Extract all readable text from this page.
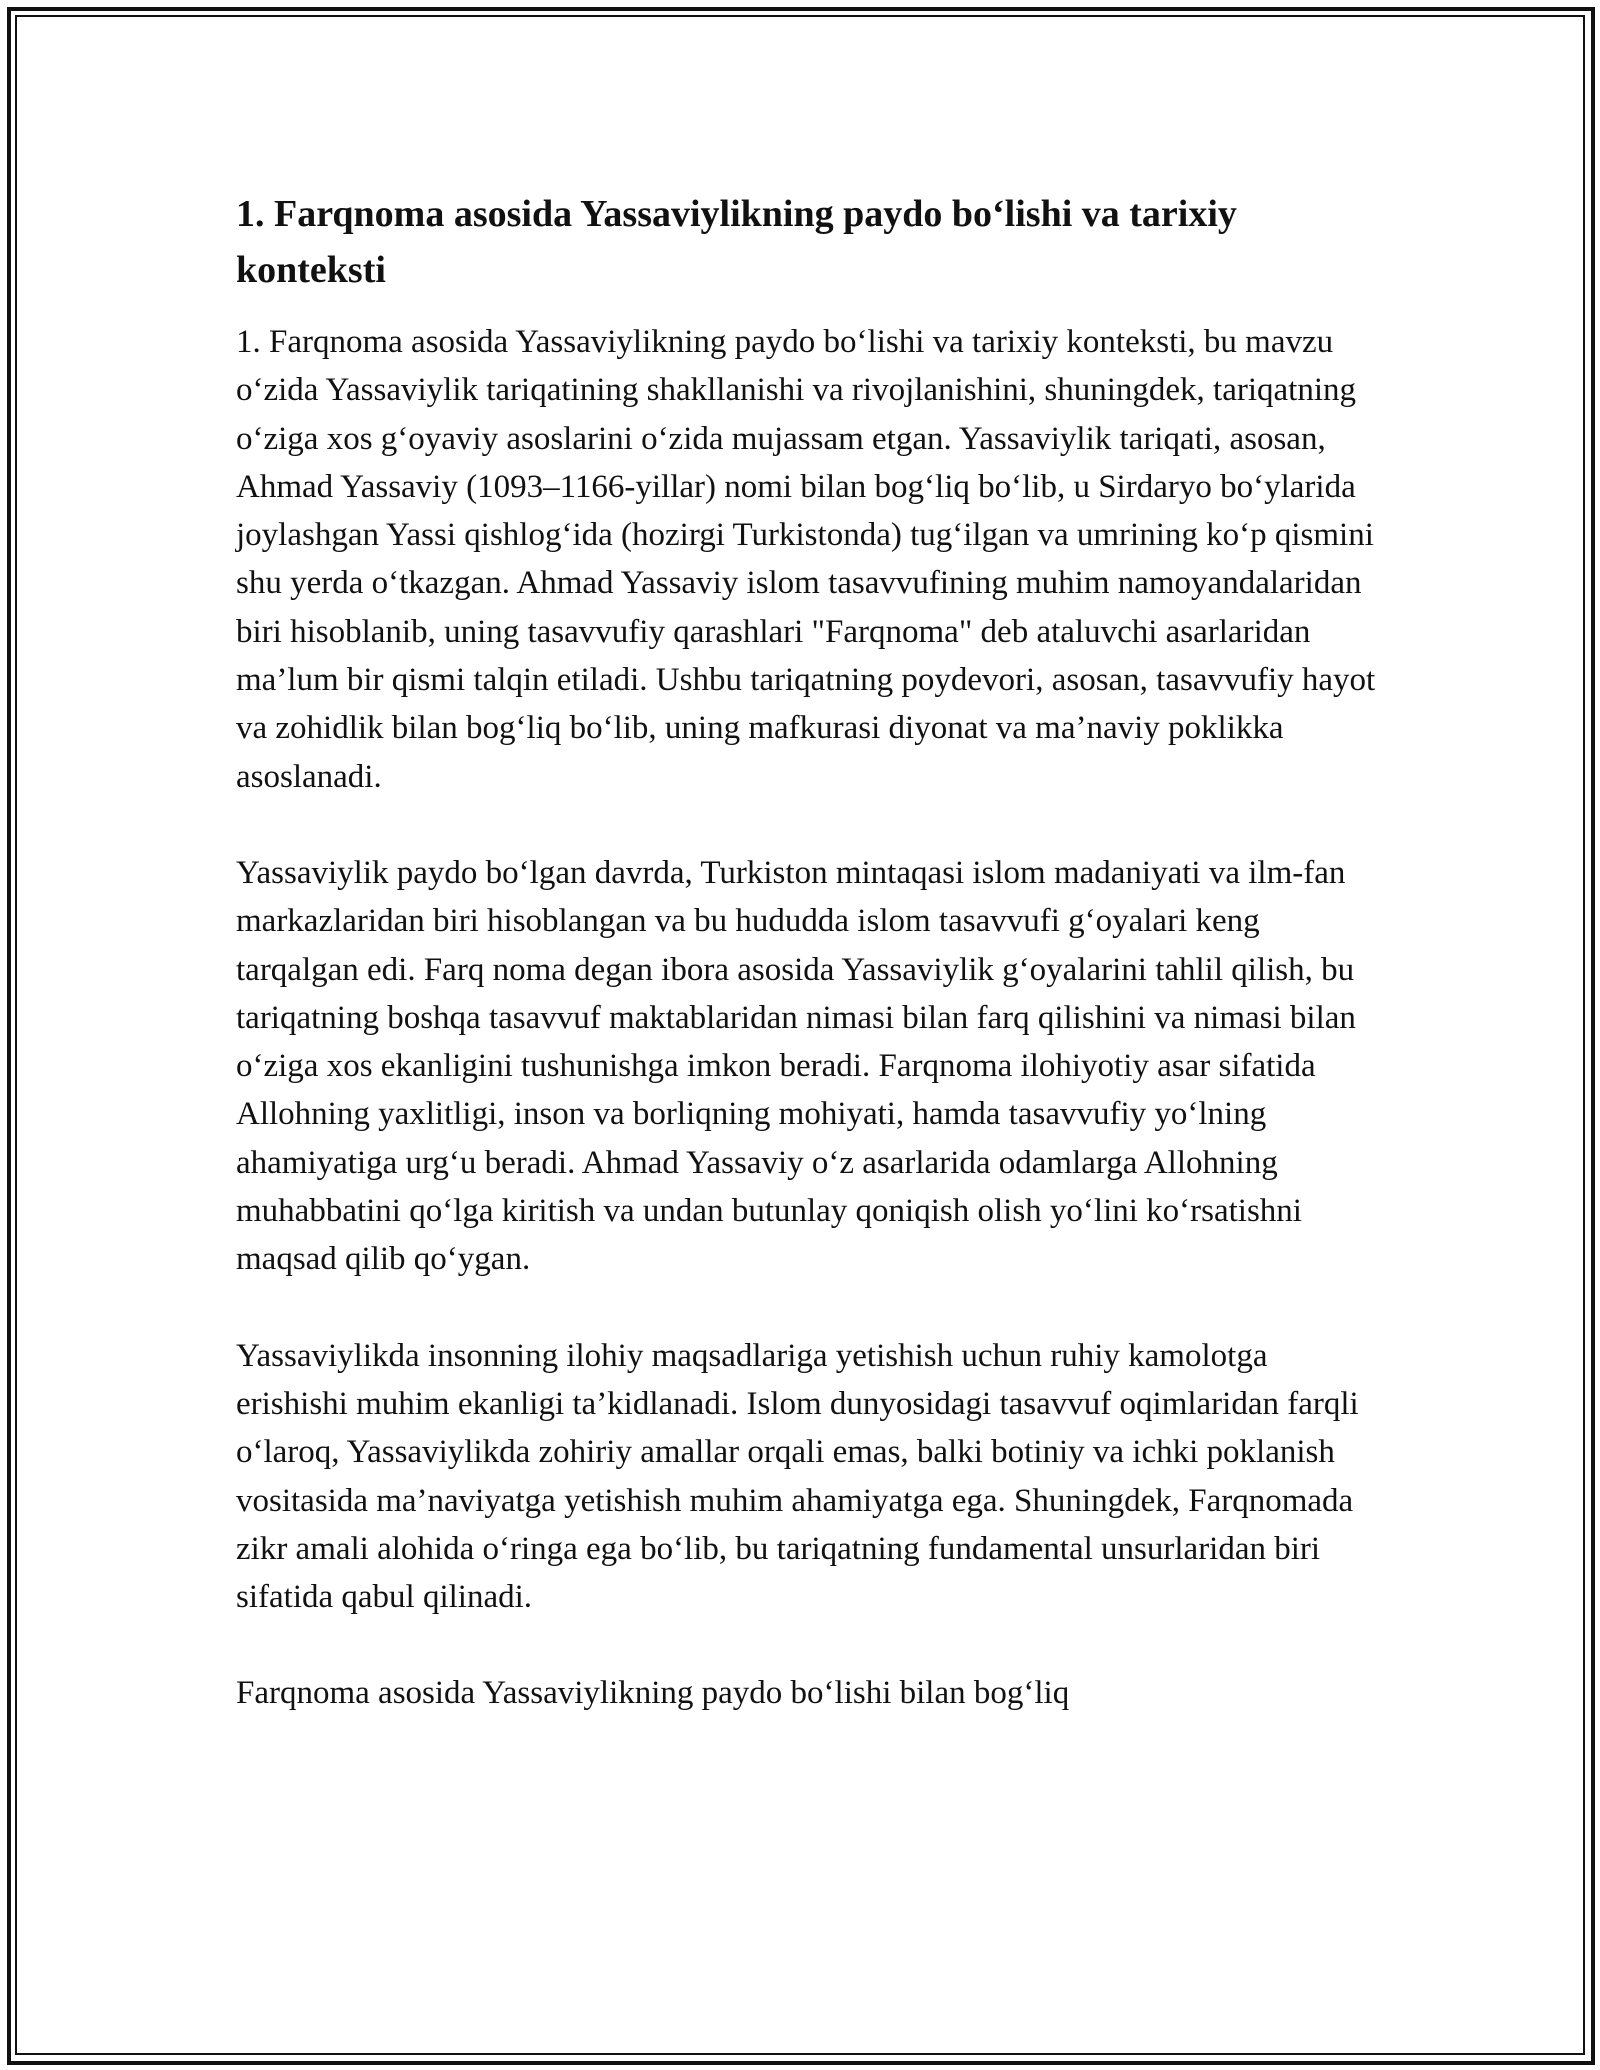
1. Farqnoma asosida Yassaviylikning paydo bo‘lishi va tarixiy konteksti

1. Farqnoma asosida Yassaviylikning paydo bo‘lishi va tarixiy konteksti, bu mavzu o‘zida Yassaviylik tariqatining shakllanishi va rivojlanishini, shuningdek, tariqatning o‘ziga xos g‘oyaviy asoslarini o‘zida mujassam etgan. Yassaviylik tariqati, asosan, Ahmad Yassaviy (1093–1166-yillar) nomi bilan bog‘liq bo‘lib, u Sirdaryo bo‘ylarida joylashgan Yassi qishlog‘ida (hozirgi Turkistonda) tug‘ilgan va umrining ko‘p qismini shu yerda o‘tkazgan. Ahmad Yassaviy islom tasavvufining muhim namoyandalaridan biri hisoblanib, uning tasavvufiy qarashlari "Farqnoma" deb ataluvchi asarlaridan ma’lum bir qismi talqin etiladi. Ushbu tariqatning poydevori, asosan, tasavvufiy hayot va zohidlik bilan bog‘liq bo‘lib, uning mafkurasi diyonat va ma’naviy poklikka asoslanadi.

Yassaviylik paydo bo‘lgan davrda, Turkiston mintaqasi islom madaniyati va ilm-fan markazlaridan biri hisoblangan va bu hududda islom tasavvufi g‘oyalari keng tarqalgan edi. Farq noma degan ibora asosida Yassaviylik g‘oyalarini tahlil qilish, bu tariqatning boshqa tasavvuf maktablaridan nimasi bilan farq qilishini va nimasi bilan o‘ziga xos ekanligini tushunishga imkon beradi. Farqnoma ilohiyotiy asar sifatida Allohning yaxlitligi, inson va borliqning mohiyati, hamda tasavvufiy yo‘lning ahamiyatiga urg‘u beradi. Ahmad Yassaviy o‘z asarlarida odamlarga Allohning muhabbatini qo‘lga kiritish va undan butunlay qoniqish olish yo‘lini ko‘rsatishni maqsad qilib qo‘ygan.

Yassaviylikda insonning ilohiy maqsadlariga yetishish uchun ruhiy kamolotga erishishi muhim ekanligi ta’kidlanadi. Islom dunyosidagi tasavvuf oqimlaridan farqli o‘laroq, Yassaviylikda zohiriy amallar orqali emas, balki botiniy va ichki poklanish vositasida ma’naviyatga yetishish muhim ahamiyatga ega. Shuningdek, Farqnomada zikr amali alohida o‘ringa ega bo‘lib, bu tariqatning fundamental unsurlaridan biri sifatida qabul qilinadi.

Farqnoma asosida Yassaviylikning paydo bo‘lishi bilan bog‘liq
